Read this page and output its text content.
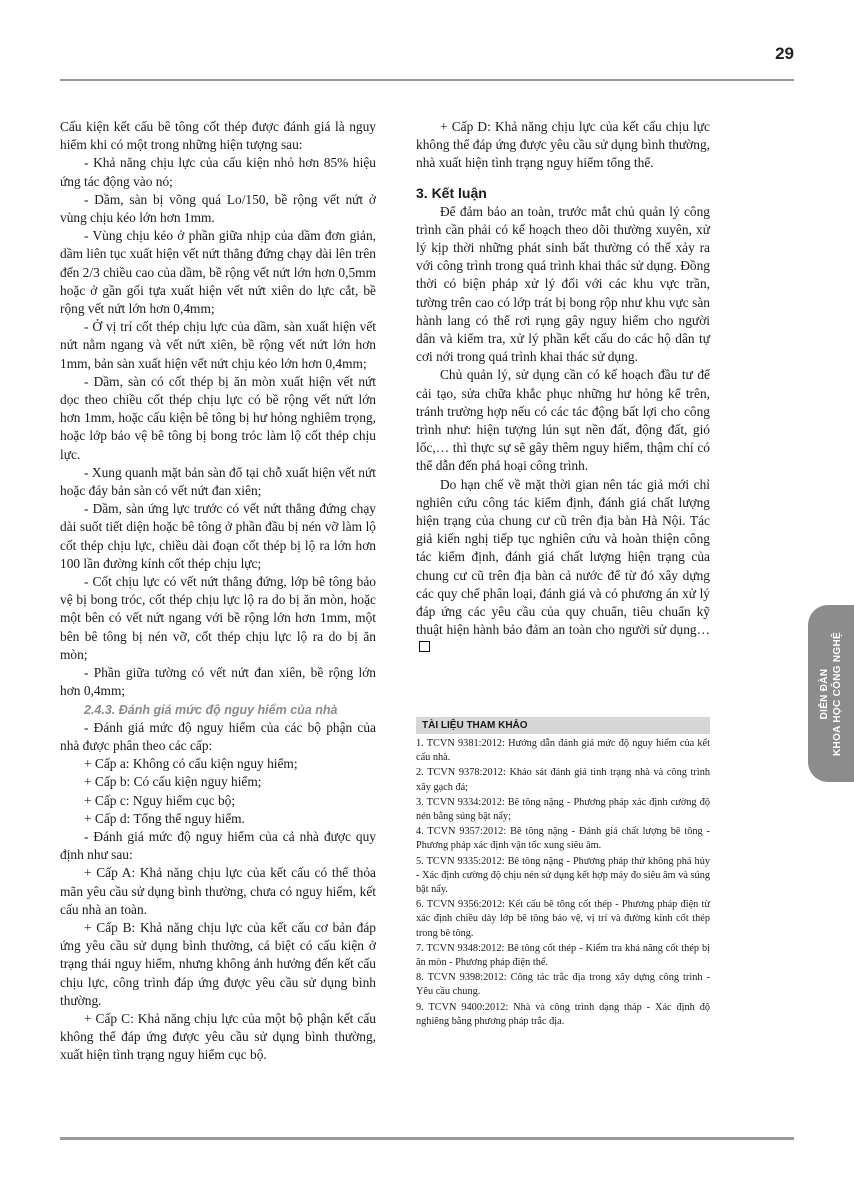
29

Cấu kiện kết cấu bê tông cốt thép được đánh giá là nguy hiểm khi có một trong những hiện tượng sau:

- Khả năng chịu lực của cấu kiện nhỏ hơn 85% hiệu ứng tác động vào nó;

- Dầm, sàn bị võng quá Lo/150, bề rộng vết nứt ở vùng chịu kéo lớn hơn 1mm.

- Vùng chịu kéo ở phần giữa nhịp của dầm đơn giản, dầm liên tục xuất hiện vết nứt thẳng đứng chạy dài lên trên đến 2/3 chiều cao của dầm, bề rộng vết nứt lớn hơn 0,5mm hoặc ở gần gối tựa xuất hiện vết nứt xiên do lực cắt, bề rộng vết nứt lớn hơn 0,4mm;

- Ở vị trí cốt thép chịu lực của dầm, sàn xuất hiện vết nứt nằm ngang và vết nứt xiên, bề rộng vết nứt lớn hơn 1mm, bản sàn xuất hiện vết nứt chịu kéo lớn hơn 0,4mm;

- Dầm, sàn có cốt thép bị ăn mòn xuất hiện vết nứt dọc theo chiều cốt thép chịu lực có bề rộng vết nứt lớn hơn 1mm, hoặc cấu kiện bê tông bị hư hỏng nghiêm trọng, hoặc lớp bảo vệ bê tông bị bong tróc làm lộ cốt thép chịu lực.

- Xung quanh mặt bản sàn đổ tại chỗ xuất hiện vết nứt hoặc đáy bản sàn có vết nứt đan xiên;

- Dầm, sàn ứng lực trước có vết nứt thẳng đứng chạy dài suốt tiết diện hoặc bê tông ở phần đầu bị nén vỡ làm lộ cốt thép chịu lực, chiều dài đoạn cốt thép bị lộ ra lớn hơn 100 lần đường kính cốt thép chịu lực;

- Cốt chịu lực có vết nứt thẳng đứng, lớp bê tông bảo vệ bị bong tróc, cốt thép chịu lực lộ ra do bị ăn mòn, hoặc một bên có vết nứt ngang với bề rộng lớn hơn 1mm, một bên bê tông bị nén vỡ, cốt thép chịu lực lộ ra do bị ăn mòn;

- Phần giữa tường có vết nứt đan xiên, bề rộng lớn hơn 0,4mm;

2.4.3. Đánh giá mức độ nguy hiểm của nhà

- Đánh giá mức độ nguy hiểm của các bộ phận của nhà được phân theo các cấp:

+ Cấp a: Không có cấu kiện nguy hiểm;

+ Cấp b: Có cấu kiện nguy hiểm;

+ Cấp c: Nguy hiểm cục bộ;

+ Cấp d: Tổng thể nguy hiểm.

- Đánh giá mức độ nguy hiểm của cả nhà được quy định như sau:

+ Cấp A: Khả năng chịu lực của kết cấu có thể thỏa mãn yêu cầu sử dụng bình thường, chưa có nguy hiểm, kết cấu nhà an toàn.

+ Cấp B: Khả năng chịu lực của kết cấu cơ bản đáp ứng yêu cầu sử dụng bình thường, cá biệt có cấu kiện ở trạng thái nguy hiểm, nhưng không ảnh hưởng đến kết cấu chịu lực, công trình đáp ứng được yêu cầu sử dụng bình thường.

+ Cấp C: Khả năng chịu lực của một bộ phận kết cấu không thể đáp ứng được yêu cầu sử dụng bình thường, xuất hiện tình trạng nguy hiểm cục bộ.

+ Cấp D: Khả năng chịu lực của kết cấu chịu lực không thể đáp ứng được yêu cầu sử dụng bình thường, nhà xuất hiện tình trạng nguy hiểm tổng thể.

3. Kết luận

Để đảm bảo an toàn, trước mắt chủ quản lý công trình cần phải có kế hoạch theo dõi thường xuyên, xử lý kịp thời những phát sinh bất thường có thể xảy ra với công trình trong quá trình khai thác sử dụng. Đồng thời có biện pháp xử lý đối với các khu vực trần, tường trên cao có lớp trát bị bong rộp như khu vực sàn hành lang có thể rơi rụng gây nguy hiểm cho người dân và kiểm tra, xử lý phần kết cấu do các hộ dân tự cơi nới trong quá trình khai thác sử dụng.

Chủ quản lý, sử dụng cần có kế hoạch đầu tư để cải tạo, sửa chữa khắc phục những hư hỏng kể trên, tránh trường hợp nếu có các tác động bất lợi cho công trình như: hiện tượng lún sụt nền đất, động đất, gió lốc,… thì thực sự sẽ gây thêm nguy hiểm, thậm chí có thể dẫn đến phá hoại công trình.

Do hạn chế về mặt thời gian nên tác giả mới chỉ nghiên cứu công tác kiểm định, đánh giá chất lượng hiện trạng của chung cư cũ trên địa bàn Hà Nội. Tác giả kiến nghị tiếp tục nghiên cứu và hoàn thiện công tác kiểm định, đánh giá chất lượng hiện trạng của chung cư cũ trên địa bàn cả nước để từ đó xây dựng các quy chế phân loại, đánh giá và có phương án xử lý đáp ứng các yêu cầu của quy chuẩn, tiêu chuẩn kỹ thuật hiện hành bảo đảm an toàn cho người sử dụng…

TÀI LIỆU THAM KHẢO
1. TCVN 9381:2012: Hướng dẫn đánh giá mức độ nguy hiểm của kết cấu nhà.
2. TCVN 9378:2012: Khảo sát đánh giá tình trạng nhà và công trình xây gạch đá;
3. TCVN 9334:2012: Bê tông nặng - Phương pháp xác định cường độ nén bằng súng bật nẩy;
4. TCVN 9357:2012: Bê tông nặng - Đánh giá chất lượng bê tông - Phương pháp xác định vận tốc xung siêu âm.
5. TCVN 9335:2012: Bê tông nặng - Phương pháp thử không phá hủy - Xác định cường độ chịu nén sử dụng kết hợp máy đo siêu âm và súng bật nẩy.
6. TCVN 9356:2012: Kết cấu bê tông cốt thép - Phương pháp điện từ xác định chiều dày lớp bê tông bảo vệ, vị trí và đường kính cốt thép trong bê tông.
7. TCVN 9348:2012: Bê tông cốt thép - Kiểm tra khả năng cốt thép bị ăn mòn - Phương pháp điện thế.
8. TCVN 9398:2012: Công tác trắc địa trong xây dựng công trình - Yêu cầu chung.
9. TCVN 9400:2012: Nhà và công trình dạng tháp - Xác định độ nghiêng bằng phương pháp trắc địa.
DIỄN ĐÀN KHOA HỌC CÔNG NGHỆ
